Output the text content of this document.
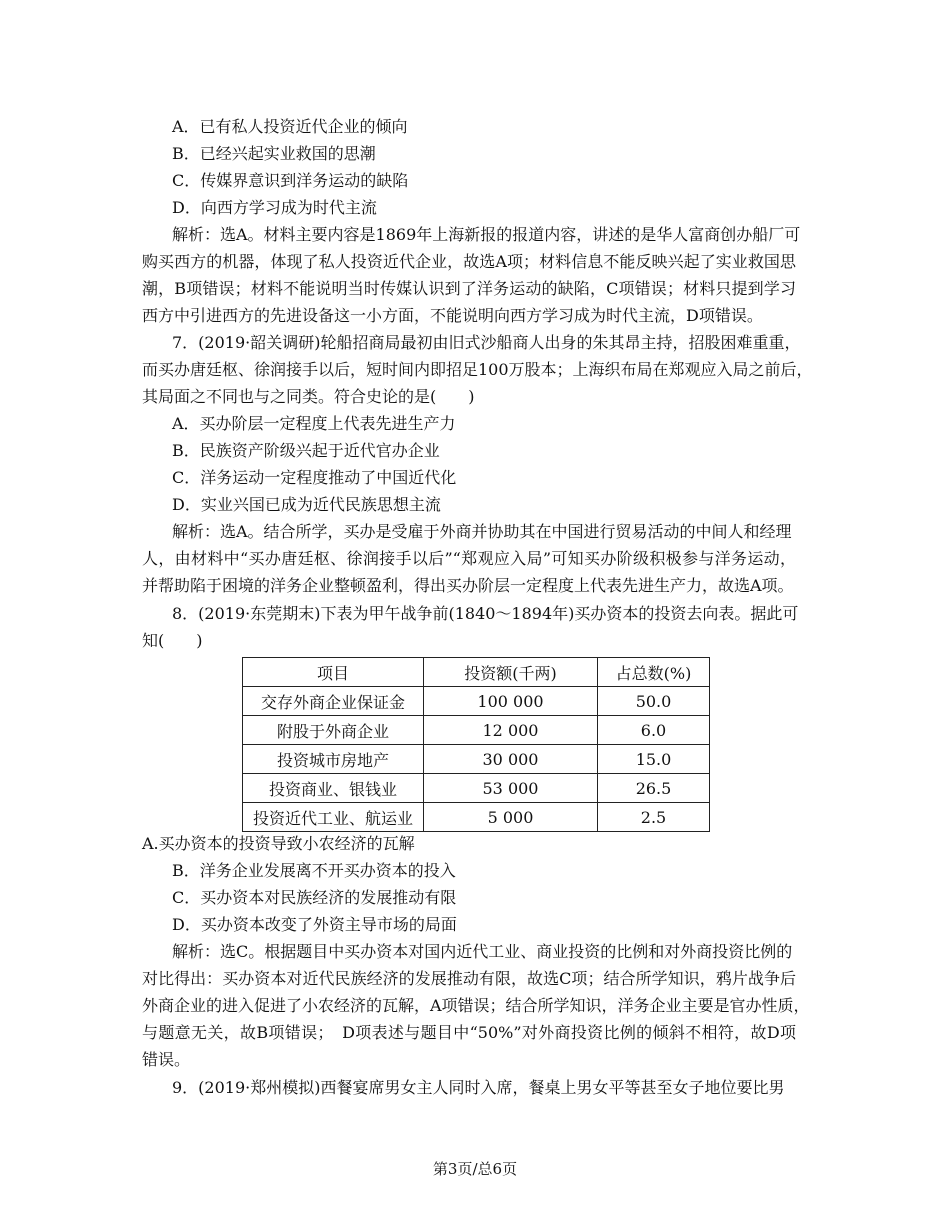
A．已有私人投资近代企业的倾向
B．已经兴起实业救国的思潮
C．传媒界意识到洋务运动的缺陷
D．向西方学习成为时代主流
解析：选A。材料主要内容是1869年上海新报的报道内容，讲述的是华人富商创办船厂可
购买西方的机器，体现了私人投资近代企业，故选A项；材料信息不能反映兴起了实业救国思
潮，B项错误；材料不能说明当时传媒认识到了洋务运动的缺陷，C项错误；材料只提到学习
西方中引进西方的先进设备这一小方面，不能说明向西方学习成为时代主流，D项错误。
7．(2019·韶关调研)轮船招商局最初由旧式沙船商人出身的朱其昂主持，招股困难重重，
而买办唐廷枢、徐润接手以后，短时间内即招足100万股本；上海织布局在郑观应入局之前后，
其局面之不同也与之同类。符合史论的是(　　)
A．买办阶层一定程度上代表先进生产力
B．民族资产阶级兴起于近代官办企业
C．洋务运动一定程度推动了中国近代化
D．实业兴国已成为近代民族思想主流
解析：选A。结合所学，买办是受雇于外商并协助其在中国进行贸易活动的中间人和经理
人，由材料中“买办唐廷枢、徐润接手以后”“郑观应入局”可知买办阶级积极参与洋务运动，
并帮助陷于困境的洋务企业整顿盈利，得出买办阶层一定程度上代表先进生产力，故选A项。
8．(2019·东莞期末)下表为甲午战争前(1840～1894年)买办资本的投资去向表。据此可
知(　　)
项目	投资额(千两)	占总数(%)
交存外商企业保证金	100 000	50.0
附股于外商企业	12 000	6.0
投资城市房地产	30 000	15.0
投资商业、银钱业	53 000	26.5
投资近代工业、航运业	5 000	2.5
A.买办资本的投资导致小农经济的瓦解
B．洋务企业发展离不开买办资本的投入
C．买办资本对民族经济的发展推动有限
D．买办资本改变了外资主导市场的局面
解析：选C。根据题目中买办资本对国内近代工业、商业投资的比例和对外商投资比例的
对比得出：买办资本对近代民族经济的发展推动有限，故选C项；结合所学知识，鸦片战争后
外商企业的进入促进了小农经济的瓦解，A项错误；结合所学知识，洋务企业主要是官办性质，
与题意无关，故B项错误；　D项表述与题目中“50%”对外商投资比例的倾斜不相符，故D项
错误。
9．(2019·郑州模拟)西餐宴席男女主人同时入席，餐桌上男女平等甚至女子地位要比男
第3页/总6页
